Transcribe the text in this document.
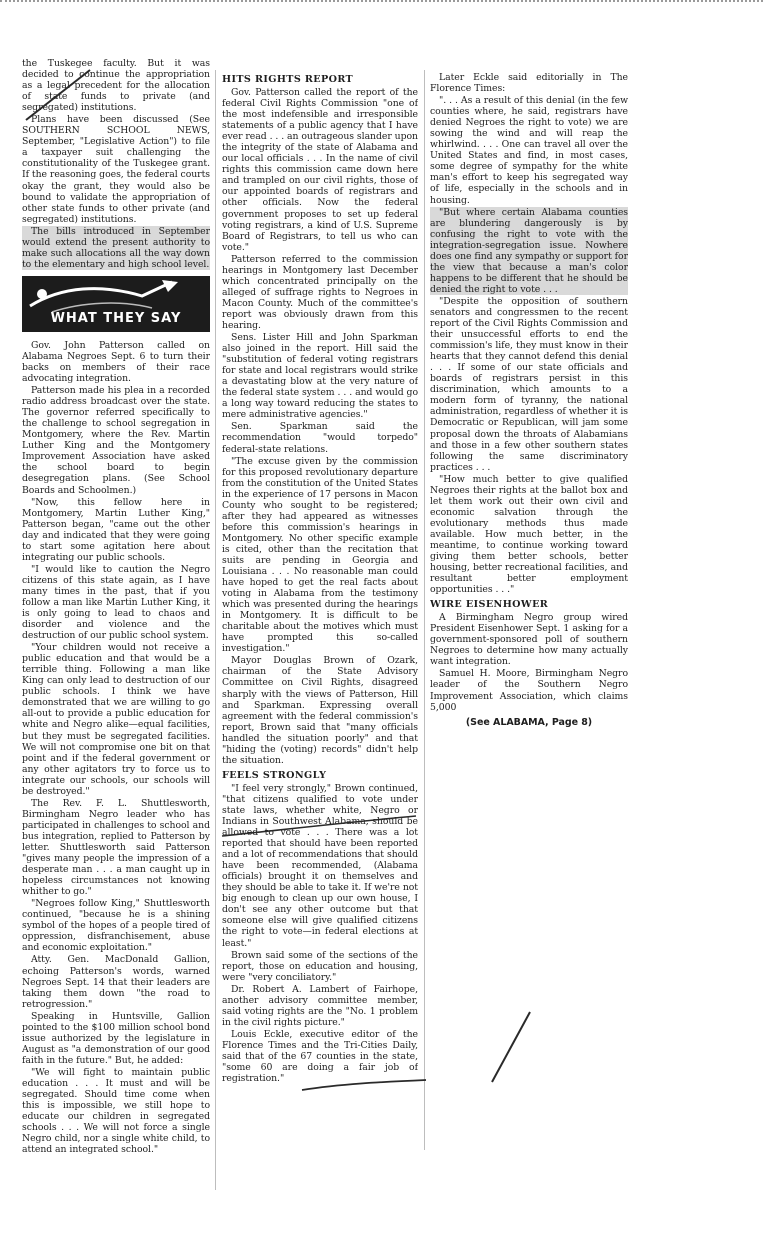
the Tuskegee faculty. But it was decided to continue the appropriation as a legal precedent for the allocation of state funds to private (and segregated) institutions.

Plans have been discussed (See SOUTHERN SCHOOL NEWS, September, "Legislative Action") to file a taxpayer suit challenging the constitutionality of the Tuskegee grant. If the reasoning goes, the federal courts okay the grant, they would also be bound to validate the appropriation of other state funds to other private (and segregated) institutions.

The bills introduced in September would extend the present authority to make such allocations all the way down to the elementary and high school level.

WHAT THEY SAY

Gov. John Patterson called on Alabama Negroes Sept. 6 to turn their backs on members of their race advocating integration.

Patterson made his plea in a recorded radio address broadcast over the state. The governor referred specifically to the challenge to school segregation in Montgomery, where the Rev. Martin Luther King and the Montgomery Improvement Association have asked the school board to begin desegregation plans. (See School Boards and Schoolmen.)

"Now, this fellow here in Montgomery, Martin Luther King," Patterson began, "came out the other day and indicated that they were going to start some agitation here about integrating our public schools.

"I would like to caution the Negro citizens of this state again, as I have many times in the past, that if you follow a man like Martin Luther King, it is only going to lead to chaos and disorder and violence and the destruction of our public school system.

"Your children would not receive a public education and that would be a terrible thing. Following a man like King can only lead to destruction of our public schools. I think we have demonstrated that we are willing to go all-out to provide a public education for white and Negro alike—equal facilities, but they must be segregated facilities. We will not compromise one bit on that point and if the federal government or any other agitators try to force us to integrate our schools, our schools will be destroyed."

The Rev. F. L. Shuttlesworth, Birmingham Negro leader who has participated in challenges to school and bus integration, replied to Patterson by letter. Shuttlesworth said Patterson "gives many people the impression of a desperate man . . . a man caught up in hopeless circumstances not knowing whither to go."

"Negroes follow King," Shuttlesworth continued, "because he is a shining symbol of the hopes of a people tired of oppression, disfranchisement, abuse and economic exploitation."

Atty. Gen. MacDonald Gallion, echoing Patterson's words, warned Negroes Sept. 14 that their leaders are taking them down "the road to retrogression."

Speaking in Huntsville, Gallion pointed to the $100 million school bond issue authorized by the legislature in August as "a demonstration of our good faith in the future." But, he added:

"We will fight to maintain public education . . . It must and will be segregated. Should time come when this is impossible, we still hope to educate our children in segregated schools . . . We will not force a single Negro child, nor a single white child, to attend an integrated school."

HITS RIGHTS REPORT

Gov. Patterson called the report of the federal Civil Rights Commission "one of the most indefensible and irresponsible statements of a public agency that I have ever read . . . an outrageous slander upon the integrity of the state of Alabama and our local officials . . . In the name of civil rights this commission came down here and trampled on our civil rights, those of our appointed boards of registrars and other officials. Now the federal government proposes to set up federal voting registrars, a kind of U.S. Supreme Board of Registrars, to tell us who can vote."

Patterson referred to the commission hearings in Montgomery last December which concentrated principally on the alleged of suffrage rights to Negroes in Macon County. Much of the committee's report was obviously drawn from this hearing.

Sens. Lister Hill and John Sparkman also joined in the report. Hill said the "substitution of federal voting registrars for state and local registrars would strike a devastating blow at the very nature of the federal state system . . . and would go a long way toward reducing the states to mere administrative agencies."

Sen. Sparkman said the recommendation "would torpedo" federal-state relations.

"The excuse given by the commission for this proposed revolutionary departure from the constitution of the United States in the experience of 17 persons in Macon County who sought to be registered; after they had appeared as witnesses before this commission's hearings in Montgomery. No other specific example is cited, other than the recitation that suits are pending in Georgia and Louisiana . . . No reasonable man could have hoped to get the real facts about voting in Alabama from the testimony which was presented during the hearings in Montgomery. It is difficult to be charitable about the motives which must have prompted this so-called investigation."

Mayor Douglas Brown of Ozark, chairman of the State Advisory Committee on Civil Rights, disagreed sharply with the views of Patterson, Hill and Sparkman. Expressing overall agreement with the federal commission's report, Brown said that "many officials handled the situation poorly" and that "hiding the (voting) records" didn't help the situation.

FEELS STRONGLY

"I feel very strongly," Brown continued, "that citizens qualified to vote under state laws, whether white, Negro or Indians in Southwest Alabama, should be allowed to vote . . . There was a lot reported that should have been reported and a lot of recommendations that should have been recommended, (Alabama officials) brought it on themselves and they should be able to take it. If we're not big enough to clean up our own house, I don't see any other outcome but that someone else will give qualified citizens the right to vote—in federal elections at least."

Brown said some of the sections of the report, those on education and housing, were "very conciliatory."

Dr. Robert A. Lambert of Fairhope, another advisory committee member, said voting rights are the "No. 1 problem in the civil rights picture."

Louis Eckle, executive editor of the Florence Times and the Tri-Cities Daily, said that of the 67 counties in the state, "some 60 are doing a fair job of registration."

Later Eckle said editorially in The Florence Times:

". . . As a result of this denial (in the few counties where, he said, registrars have denied Negroes the right to vote) we are sowing the wind and will reap the whirlwind. . . . One can travel all over the United States and find, in most cases, some degree of sympathy for the white man's effort to keep his segregated way of life, especially in the schools and in housing.

"But where certain Alabama counties are blundering dangerously is by confusing the right to vote with the integration-segregation issue. Nowhere does one find any sympathy or support for the view that because a man's color happens to be different that he should be denied the right to vote . . .

"Despite the opposition of southern senators and congressmen to the recent report of the Civil Rights Commission and their unsuccessful efforts to end the commission's life, they must know in their hearts that they cannot defend this denial . . . If some of our state officials and boards of registrars persist in this discrimination, which amounts to a modern form of tyranny, the national administration, regardless of whether it is Democratic or Republican, will jam some proposal down the throats of Alabamians and those in a few other southern states following the same discriminatory practices . . .

"How much better to give qualified Negroes their rights at the ballot box and let them work out their own civil and economic salvation through the evolutionary methods thus made available. How much better, in the meantime, to continue working toward giving them better schools, better housing, better recreational facilities, and resultant better employment opportunities . . ."

WIRE EISENHOWER

A Birmingham Negro group wired President Eisenhower Sept. 1 asking for a government-sponsored poll of southern Negroes to determine how many actually want integration.

Samuel H. Moore, Birmingham Negro leader of the Southern Negro Improvement Association, which claims 5,000

(See ALABAMA, Page 8)
